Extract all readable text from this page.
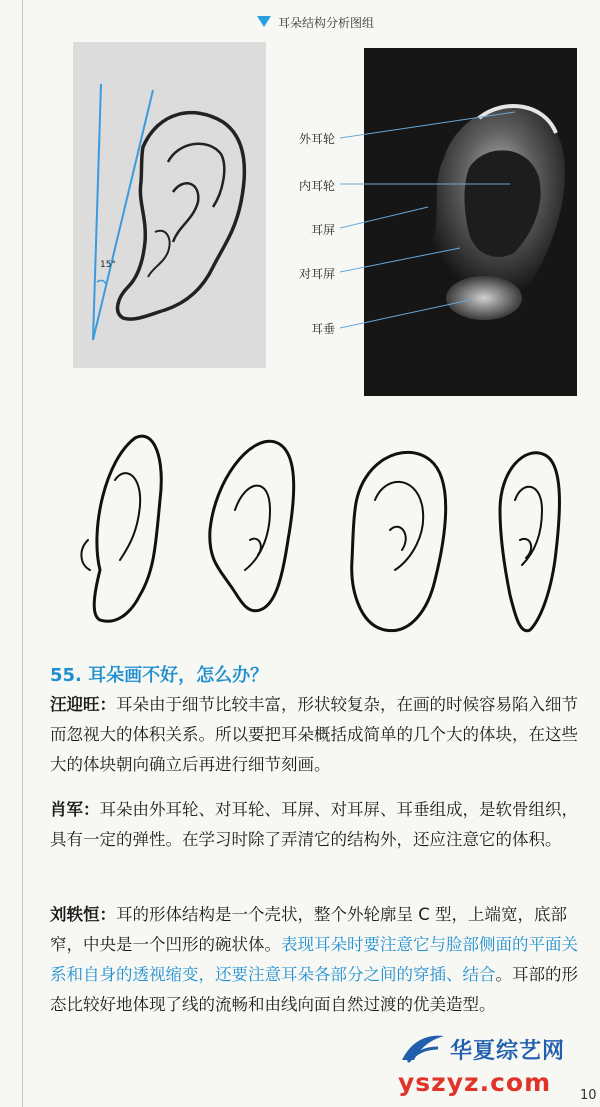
耳朵结构分析图组
15°
外耳轮
内耳轮
耳屏
对耳屏
耳垂
55. 耳朵画不好，怎么办？
汪迎旺：耳朵由于细节比较丰富，形状较复杂，在画的时候容易陷入细节而忽视大的体积关系。所以要把耳朵概括成简单的几个大的体块，在这些大的体块朝向确立后再进行细节刻画。
肖军：耳朵由外耳轮、对耳轮、耳屏、对耳屏、耳垂组成，是软骨组织，具有一定的弹性。在学习时除了弄清它的结构外，还应注意它的体积。
刘轶恒：耳的形体结构是一个壳状，整个外轮廓呈 C 型，上端宽，底部窄，中央是一个凹形的碗状体。表现耳朵时要注意它与脸部侧面的平面关系和自身的透视缩变，还要注意耳朵各部分之间的穿插、结合。耳部的形态比较好地体现了线的流畅和由线向面自然过渡的优美造型。
华夏综艺网
yszyz.com 10
